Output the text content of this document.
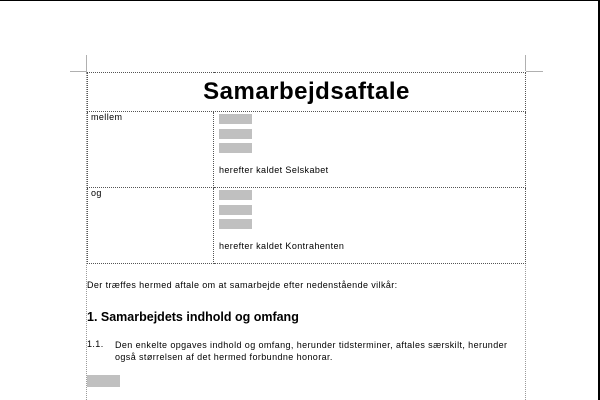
Samarbejdsaftale	

mellem	herefter kaldet Selskabet

og	herefter kaldet Kontrahenten
Der træffes hermed aftale om at samarbejde efter nedenstående vilkår:
1. Samarbejdets indhold og omfang
1.1. Den enkelte opgaves indhold og omfang, herunder tidsterminer, aftales særskilt, herunder også størrelsen af det hermed forbundne honorar.
